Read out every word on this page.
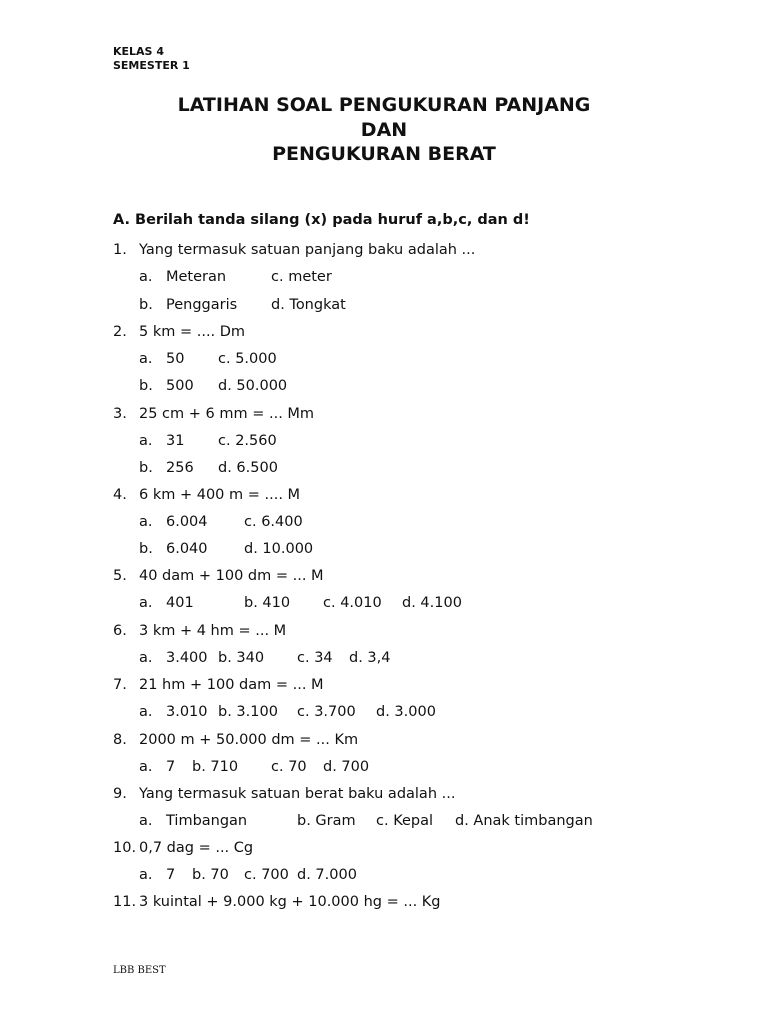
KELAS 4
SEMESTER 1
LATIHAN SOAL PENGUKURAN PANJANG
DAN
PENGUKURAN BERAT
A. Berilah tanda silang (x) pada huruf a,b,c, dan d!
1. Yang termasuk satuan panjang baku adalah ...
a. Meteran	c. meter
b. Penggaris d. Tongkat
2. 5 km = .... Dm
a. 50 c. 5.000
b. 500 d. 50.000
3. 25 cm + 6 mm = ... Mm
a. 31 c. 2.560
b. 256 d. 6.500
4. 6 km + 400 m = .... M
a. 6.004	c. 6.400
b. 6.040	d. 10.000
5. 40 dam + 100 dm = ... M
a. 401	b. 410 c. 4.010 d. 4.100
6. 3 km + 4 hm = ... M
a. 3.400 b. 340 c. 34 d. 3,4
7. 21 hm + 100 dam = ... M
a. 3.010 b. 3.100 c. 3.700 d. 3.000
8. 2000 m + 50.000 dm = ... Km
a. 7 b. 710 c. 70 d. 700
9. Yang termasuk satuan berat baku adalah ...
a. Timbangan	b. Gram c. Kepal d. Anak timbangan
10. 0,7 dag = ... Cg
a. 7 b. 70 c. 700 d. 7.000
11. 3 kuintal + 9.000 kg + 10.000 hg = ... Kg
LBB BEST
